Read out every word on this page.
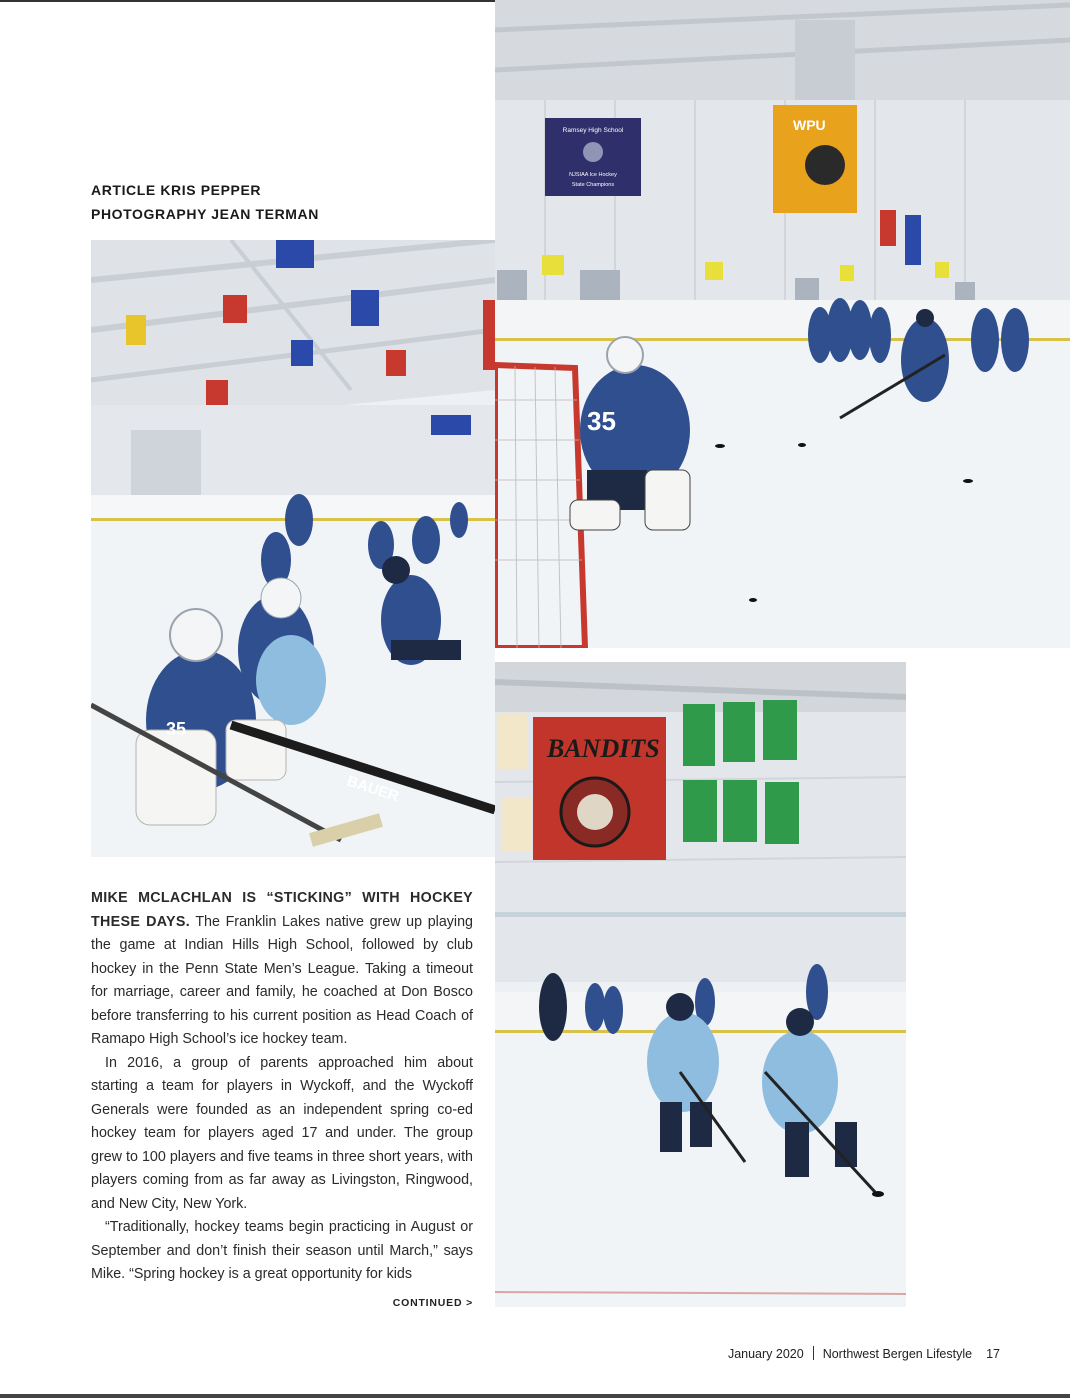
ARTICLE KRIS PEPPER
PHOTOGRAPHY JEAN TERMAN
35
BAUER
Ramsey High School
NJSIAA Ice Hockey
State Champions
WPU
35
BANDITS

MIKE MCLACHLAN IS “STICKING” WITH HOCKEY THESE DAYS. The Franklin Lakes native grew up playing the game at Indian Hills High School, followed by club hockey in the Penn State Men’s League. Taking a timeout for marriage, career and family, he coached at Don Bosco before transferring to his current position as Head Coach of Ramapo High School’s ice hockey team.

In 2016, a group of parents approached him about starting a team for players in Wyckoff, and the Wyckoff Generals were founded as an independent spring co-ed hockey team for players aged 17 and under. The group grew to 100 players and five teams in three short years, with players coming from as far away as Livingston, Ringwood, and New City, New York.

“Traditionally, hockey teams begin practicing in August or September and don’t finish their season until March,” says Mike. “Spring hockey is a great opportunity for kids

CONTINUED >
January 2020 Northwest Bergen Lifestyle 17
